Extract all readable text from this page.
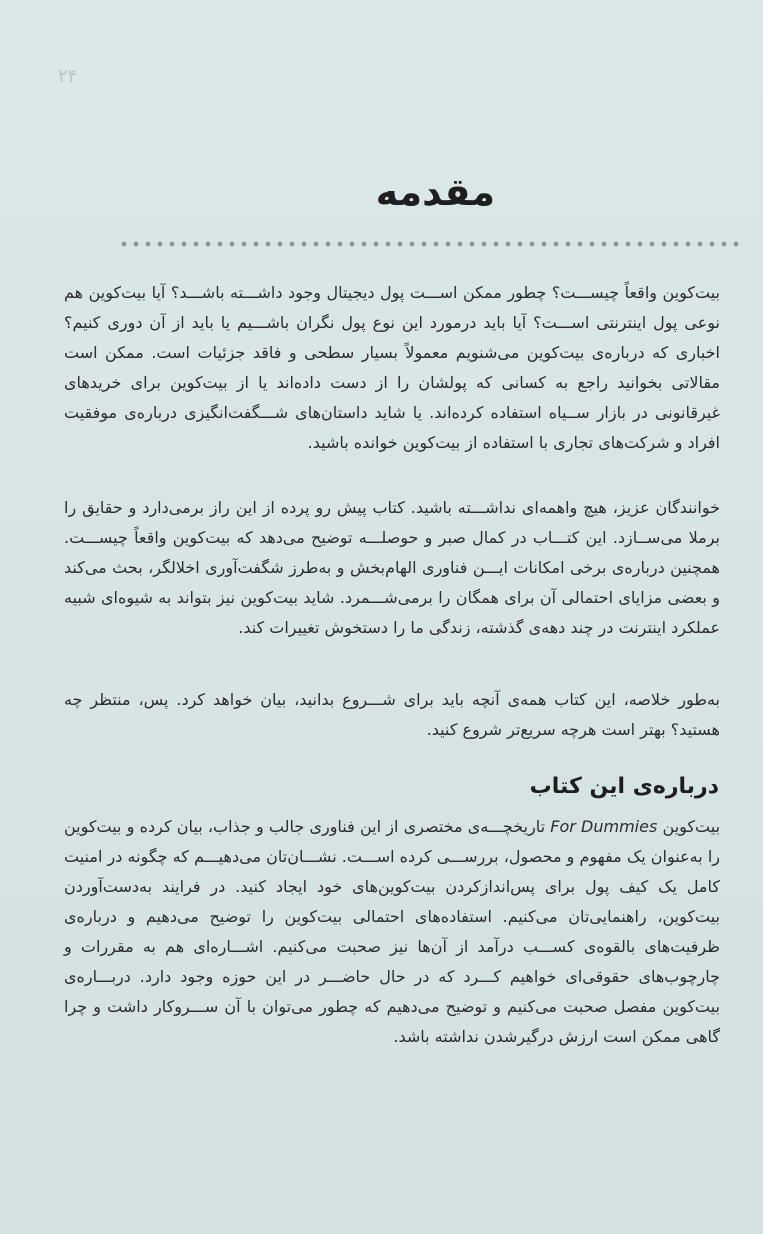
۲۴
مقدمه

بیت‌کوین واقعاً چیســـت؟ چطور ممکن اســـت پول دیجیتال وجود داشـــته باشـــد؟ آیا بیت‌کوین هم نوعی پول اینترنتی اســـت؟ آیا باید درمورد این نوع پول نگران باشـــیم یا باید از آن دوری کنیم؟ اخباری که درباره‌ی بیت‌کوین می‌شنویم معمولاً بسیار سطحی و فاقد جزئیات است. ممکن است مقالاتی بخوانید راجع به کسانی که پولشان را از دست داده‌اند یا از بیت‌کوین برای خریدهای غیرقانونی در بازار ســیاه استفاده کرده‌اند. یا شاید داستان‌های شـــگفت‌انگیزی درباره‌ی موفقیت افراد و شرکت‌های تجاری با استفاده از بیت‌کوین خوانده باشید.

خوانندگان عزیز، هیچ واهمه‌ای نداشـــته باشید. کتاب پیش رو پرده از این راز برمی‌دارد و حقایق را برملا می‌ســازد. این کتـــاب در کمال صبر و حوصلـــه توضیح می‌دهد که بیت‌کوین واقعاً چیســـت. همچنین درباره‌ی برخی امکانات ایـــن فناوری الهام‌بخش و به‌طرز شگفت‌آوری اخلالگر، بحث می‌کند و بعضی مزایای احتمالی آن برای همگان را برمی‌شـــمرد. شاید بیت‌کوین نیز بتواند به شیوه‌ای شبیه عملکرد اینترنت در چند دهه‌ی گذشته، زندگی ما را دستخوش تغییرات کند.

به‌طور خلاصه، این کتاب همه‌ی آنچه باید برای شـــروع بدانید، بیان خواهد کرد. پس، منتظر چه هستید؟ بهتر است هرچه سریع‌تر شروع کنید.

درباره‌ی این کتاب

بیت‌کوین For Dummies تاریخچـــه‌ی مختصری از این فناوری جالب و جذاب، بیان کرده و بیت‌کوین را به‌عنوان یک مفهوم و محصول، بررســـی کرده اســـت. نشـــان‌تان می‌دهیـــم که چگونه در امنیت کامل یک کیف پول برای پس‌اندازکردن بیت‌کوین‌های خود ایجاد کنید. در فرایند به‌دست‌آوردن بیت‌کوین، راهنمایی‌تان می‌کنیم. استفاده‌های احتمالی بیت‌کوین را توضیح می‌دهیم و درباره‌ی ظرفیت‌های بالقوه‌ی کســـب درآمد از آن‌ها نیز صحبت می‌کنیم. اشـــاره‌ای هم به مقررات و چارچوب‌های حقوقی‌ای خواهیم کـــرد که در حال حاضـــر در این حوزه وجود دارد. دربـــاره‌ی بیت‌کوین مفصل صحبت می‌کنیم و توضیح می‌دهیم که چطور می‌توان با آن ســـروکار داشت و چرا گاهی ممکن است ارزش درگیرشدن نداشته باشد.
